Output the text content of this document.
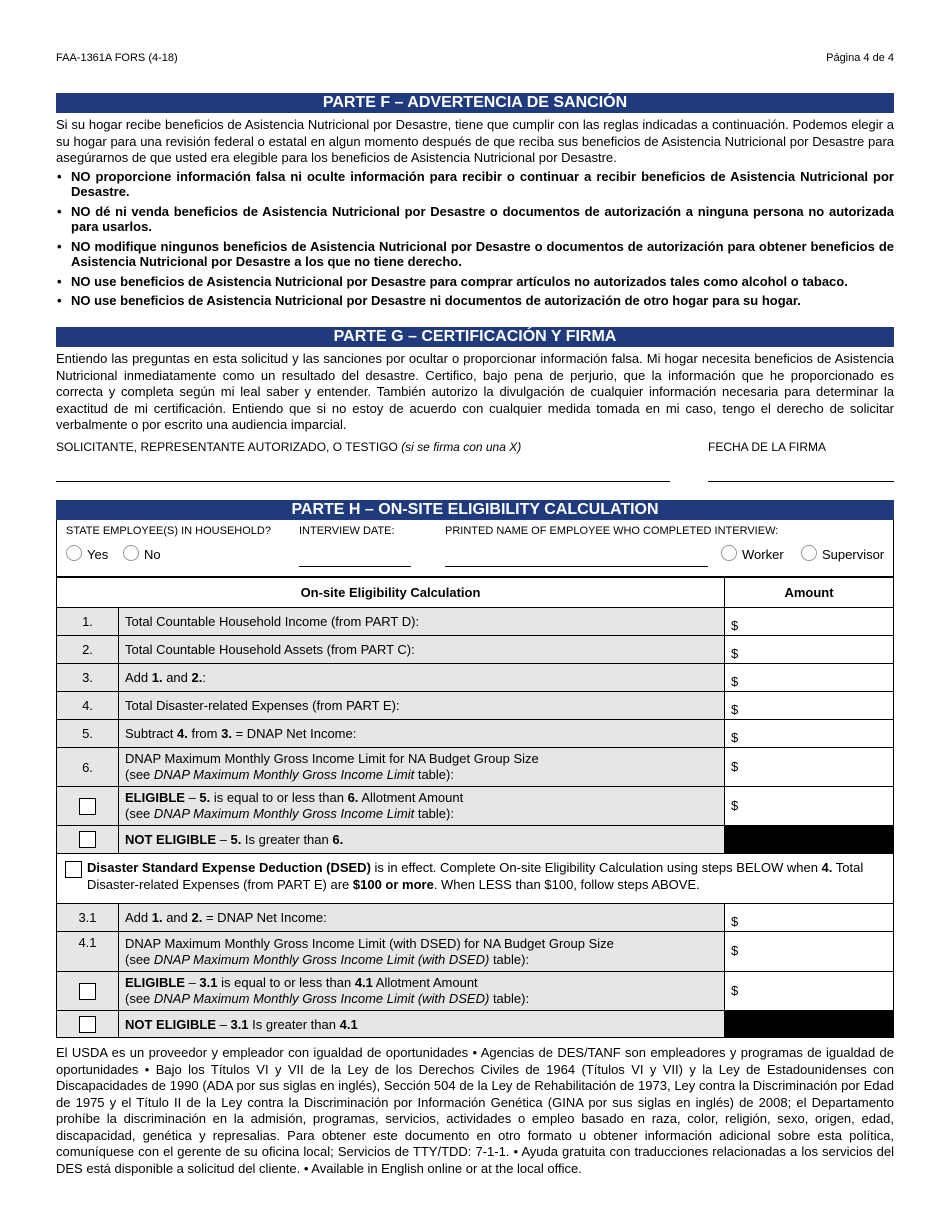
FAA-1361A FORS (4-18)	Página 4 de 4
PARTE F – ADVERTENCIA DE SANCIÓN

Si su hogar recibe beneficios de Asistencia Nutricional por Desastre, tiene que cumplir con las reglas indicadas a continuación. Podemos elegir a su hogar para una revisión federal o estatal en algun momento después de que reciba sus beneficios de Asistencia Nutricional por Desastre para asegúrarnos de que usted era elegible para los beneficios de Asistencia Nutricional por Desastre.

• NO proporcione información falsa ni oculte información para recibir o continuar a recibir beneficios de Asistencia Nutricional por Desastre.
• NO dé ni venda beneficios de Asistencia Nutricional por Desastre o documentos de autorización a ninguna persona no autorizada para usarlos.
• NO modifique ningunos beneficios de Asistencia Nutricional por Desastre o documentos de autorización para obtener beneficios de Asistencia Nutricional por Desastre a los que no tiene derecho.
• NO use beneficios de Asistencia Nutricional por Desastre para comprar artículos no autorizados tales como alcohol o tabaco.
• NO use beneficios de Asistencia Nutricional por Desastre ni documentos de autorización de otro hogar para su hogar.
PARTE G – CERTIFICACIÓN Y FIRMA

Entiendo las preguntas en esta solicitud y las sanciones por ocultar o proporcionar información falsa. Mi hogar necesita beneficios de Asistencia Nutricional inmediatamente como un resultado del desastre. Certifico, bajo pena de perjurio, que la información que he proporcionado es correcta y completa según mi leal saber y entender. También autorizo la divulgación de cualquier información necesaria para determinar la exactitud de mi certificación. Entiendo que si no estoy de acuerdo con cualquier medida tomada en mi caso, tengo el derecho de solicitar verbalmente o por escrito una audiencia imparcial.

SOLICITANTE, REPRESENTANTE AUTORIZADO, O TESTIGO (si se firma con una X)	FECHA DE LA FIRMA
PARTE H – ON-SITE ELIGIBILITY CALCULATION
STATE EMPLOYEE(S) IN HOUSEHOLD?	INTERVIEW DATE:	PRINTED NAME OF EMPLOYEE WHO COMPLETED INTERVIEW:
Yes	No	Worker	Supervisor
On-site Eligibility Calculation		Amount
1.	Total Countable Household Income (from PART D):	$
2.	Total Countable Household Assets (from PART C):	$
3.	Add 1. and 2.:	$
4.	Total Disaster-related Expenses (from PART E):	$
5.	Subtract 4. from 3. = DNAP Net Income:	$
6.	DNAP Maximum Monthly Gross Income Limit for NA Budget Group Size
(see DNAP Maximum Monthly Gross Income Limit table):	$
	ELIGIBLE – 5. is equal to or less than 6. Allotment Amount
(see DNAP Maximum Monthly Gross Income Limit table):	$
	NOT ELIGIBLE – 5. Is greater than 6.	
Disaster Standard Expense Deduction (DSED) is in effect. Complete On-site Eligibility Calculation using steps BELOW when 4. Total Disaster-related Expenses (from PART E) are $100 or more. When LESS than $100, follow steps ABOVE.
3.1	Add 1. and 2. = DNAP Net Income:	$
4.1	DNAP Maximum Monthly Gross Income Limit (with DSED) for NA Budget Group Size
(see DNAP Maximum Monthly Gross Income Limit (with DSED) table):	$
	ELIGIBLE – 3.1 is equal to or less than 4.1 Allotment Amount
(see DNAP Maximum Monthly Gross Income Limit (with DSED) table):	$
	NOT ELIGIBLE – 3.1 Is greater than 4.1	

El USDA es un proveedor y empleador con igualdad de oportunidades • Agencias de DES/TANF son empleadores y programas de igualdad de oportunidades • Bajo los Títulos VI y VII de la Ley de los Derechos Civiles de 1964 (Títulos VI y VII) y la Ley de Estadounidenses con Discapacidades de 1990 (ADA por sus siglas en inglés), Sección 504 de la Ley de Rehabilitación de 1973, Ley contra la Discriminación por Edad de 1975 y el Título II de la Ley contra la Discriminación por Información Genética (GINA por sus siglas en inglés) de 2008; el Departamento prohíbe la discriminación en la admisión, programas, servicios, actividades o empleo basado en raza, color, religión, sexo, origen, edad, discapacidad, genética y represalias. Para obtener este documento en otro formato u obtener información adicional sobre esta política, comuníquese con el gerente de su oficina local; Servicios de TTY/TDD: 7-1-1. • Ayuda gratuita con traducciones relacionadas a los servicios del DES está disponible a solicitud del cliente. • Available in English online or at the local office.
